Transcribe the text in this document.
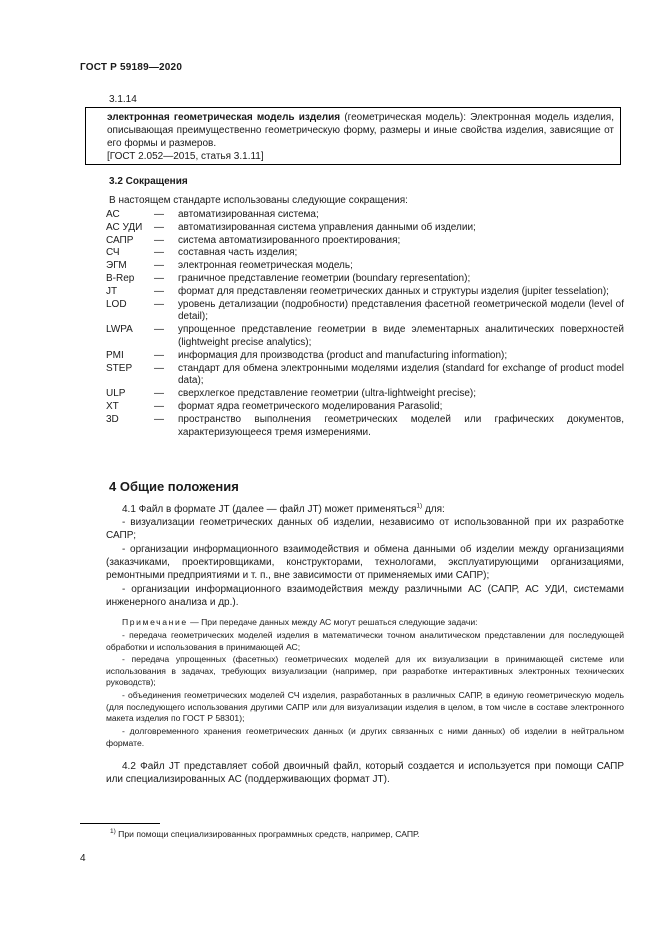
ГОСТ Р 59189—2020
3.1.14
электронная геометрическая модель изделия (геометрическая модель): Электронная модель изделия, описывающая преимущественно геометрическую форму, размеры и иные свойства изделия, зависящие от его формы и размеров.
[ГОСТ 2.052—2015, статья 3.1.11]
3.2 Сокращения
В настоящем стандарте использованы следующие сокращения:
АС	—	автоматизированная система;
АС УДИ	—	автоматизированная система управления данными об изделии;
САПР	—	система автоматизированного проектирования;
СЧ	—	составная часть изделия;
ЭГМ	—	электронная геометрическая модель;
B-Rep	—	граничное представление геометрии (boundary representation);
JT	—	формат для представленяи геометрических данных и структуры изделия (jupiter tesselation);
LOD	—	уровень детализации (подробности) представления фасетной геометрической модели (level of detail);
LWPA	—	упрощенное представление геометрии в виде элементарных аналитических поверхностей (lightweight precise analytics);
PMI	—	информация для производства (product and manufacturing information);
STEP	—	стандарт для обмена электронными моделями изделия (standard for exchange of product model data);
ULP	—	сверхлегкое представление геометрии (ultra-lightweight precise);
XT	—	формат ядра геометрического моделирования Parasolid;
3D	—	пространство выполнения геометрических моделей или графических документов, характеризующееся тремя измерениями.
4 Общие положения
4.1 Файл в формате JT (далее — файл JT) может применяться$^{1)}$ для:
- визуализации геометрических данных об изделии, независимо от использованной при их разработке САПР;
- организации информационного взаимодействия и обмена данными об изделии между организациями (заказчиками, проектировщиками, конструкторами, технологами, эксплуатирующими организациями, ремонтными предприятиями и т. п., вне зависимости от применяемых ими САПР);
- организации информационного взаимодействия между различными АС (САПР, АС УДИ, системами инженерного анализа и др.).
Примечание — При передаче данных между АС могут решаться следующие задачи:
- передача геометрических моделей изделия в математически точном аналитическом представлении для последующей обработки и использования в принимающей АС;
- передача упрощенных (фасетных) геометрических моделей для их визуализации в принимающей системе или использования в задачах, требующих визуализации (например, при разработке интерактивных электронных технических руководств);
- объединения геометрических моделей СЧ изделия, разработанных в различных САПР, в единую геометрическую модель (для последующего использования другими САПР или для визуализации изделия в целом, в том числе в составе электронного макета изделия по ГОСТ Р 58301);
- долговременного хранения геометрических данных (и других связанных с ними данных) об изделии в нейтральном формате.
4.2 Файл JT представляет собой двоичный файл, который создается и используется при помощи САПР или специализированных АС (поддерживающих формат JT).
$^{1)}$ При помощи специализированных программных средств, например, САПР.
4
